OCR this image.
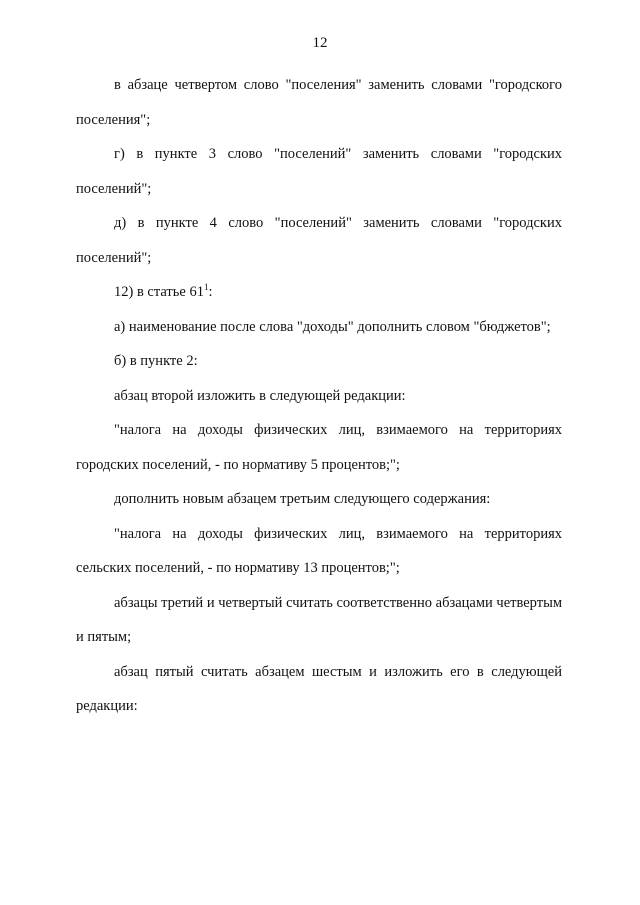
12

в абзаце четвертом слово "поселения" заменить словами "городского поселения";

г) в пункте 3 слово "поселений" заменить словами "городских поселений";

д) в пункте 4 слово "поселений" заменить словами "городских поселений";

12) в статье $61^1$:

а) наименование после слова "доходы" дополнить словом "бюджетов";

б) в пункте 2:

абзац второй изложить в следующей редакции:

"налога на доходы физических лиц, взимаемого на территориях городских поселений, - по нормативу 5 процентов;";

дополнить новым абзацем третьим следующего содержания:

"налога на доходы физических лиц, взимаемого на территориях сельских поселений, - по нормативу 13 процентов;";

абзацы третий и четвертый считать соответственно абзацами четвертым и пятым;

абзац пятый считать абзацем шестым и изложить его в следующей редакции:
